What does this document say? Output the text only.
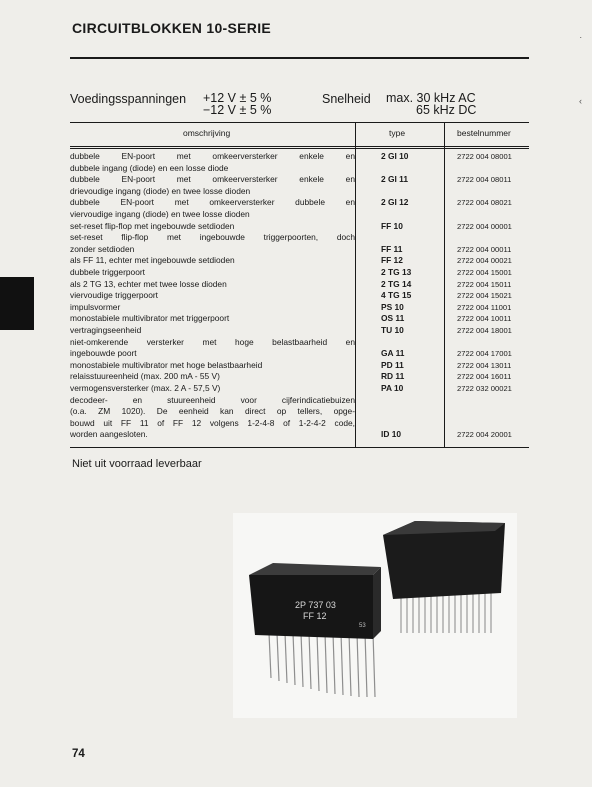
CIRCUITBLOKKEN 10-SERIE
Voedingsspanningen +12 V ± 5 %
−12 V ± 5 %
Snelheid max. 30 kHz AC
65 kHz DC
omschrijving	type	bestelnummer
.
‹
dubbele EN-poort met omkeerversterker enkele en
dubbele ingang (diode) en een losse diode
2 GI 10	2722 004 08001
dubbele EN-poort met omkeerversterker enkele en
drievoudige ingang (diode) en twee losse dioden
2 GI 11	2722 004 08011
dubbele EN-poort met omkeerversterker dubbele en
viervoudige ingang (diode) en twee losse dioden
2 GI 12	2722 004 08021
set-reset flip-flop met ingebouwde setdioden	FF 10	2722 004 00001
set-reset flip-flop met ingebouwde triggerpoorten, doch
zonder setdioden	FF 11	2722 004 00011
als FF 11, echter met ingebouwde setdioden	FF 12	2722 004 00021
dubbele triggerpoort	2 TG 13	2722 004 15001
als 2 TG 13, echter met twee losse dioden	2 TG 14	2722 004 15011
viervoudige triggerpoort	4 TG 15	2722 004 15021
impulsvormer	PS 10	2722 004 11001
monostabiele multivibrator met triggerpoort	OS 11	2722 004 10011
vertragingseenheid	TU 10	2722 004 18001
niet-omkerende versterker met hoge belastbaarheid en
ingebouwde poort	GA 11	2722 004 17001
monostabiele multivibrator met hoge belastbaarheid	PD 11	2722 004 13011
relaisstuureenheid (max. 200 mA - 55 V)	RD 11	2722 004 16011
vermogensversterker (max. 2 A - 57,5 V)	PA 10	2722 032 00021
decodeer- en stuureenheid voor cijferindicatiebuizen
(o.a. ZM 1020). De eenheid kan direct op tellers, opge-
bouwd uit FF 11 of FF 12 volgens 1-2-4-8 of 1-2-4-2 code,
worden aangesloten.	ID 10	2722 004 20001
Niet uit voorraad leverbaar
2P 737 03
FF 12
53
74
